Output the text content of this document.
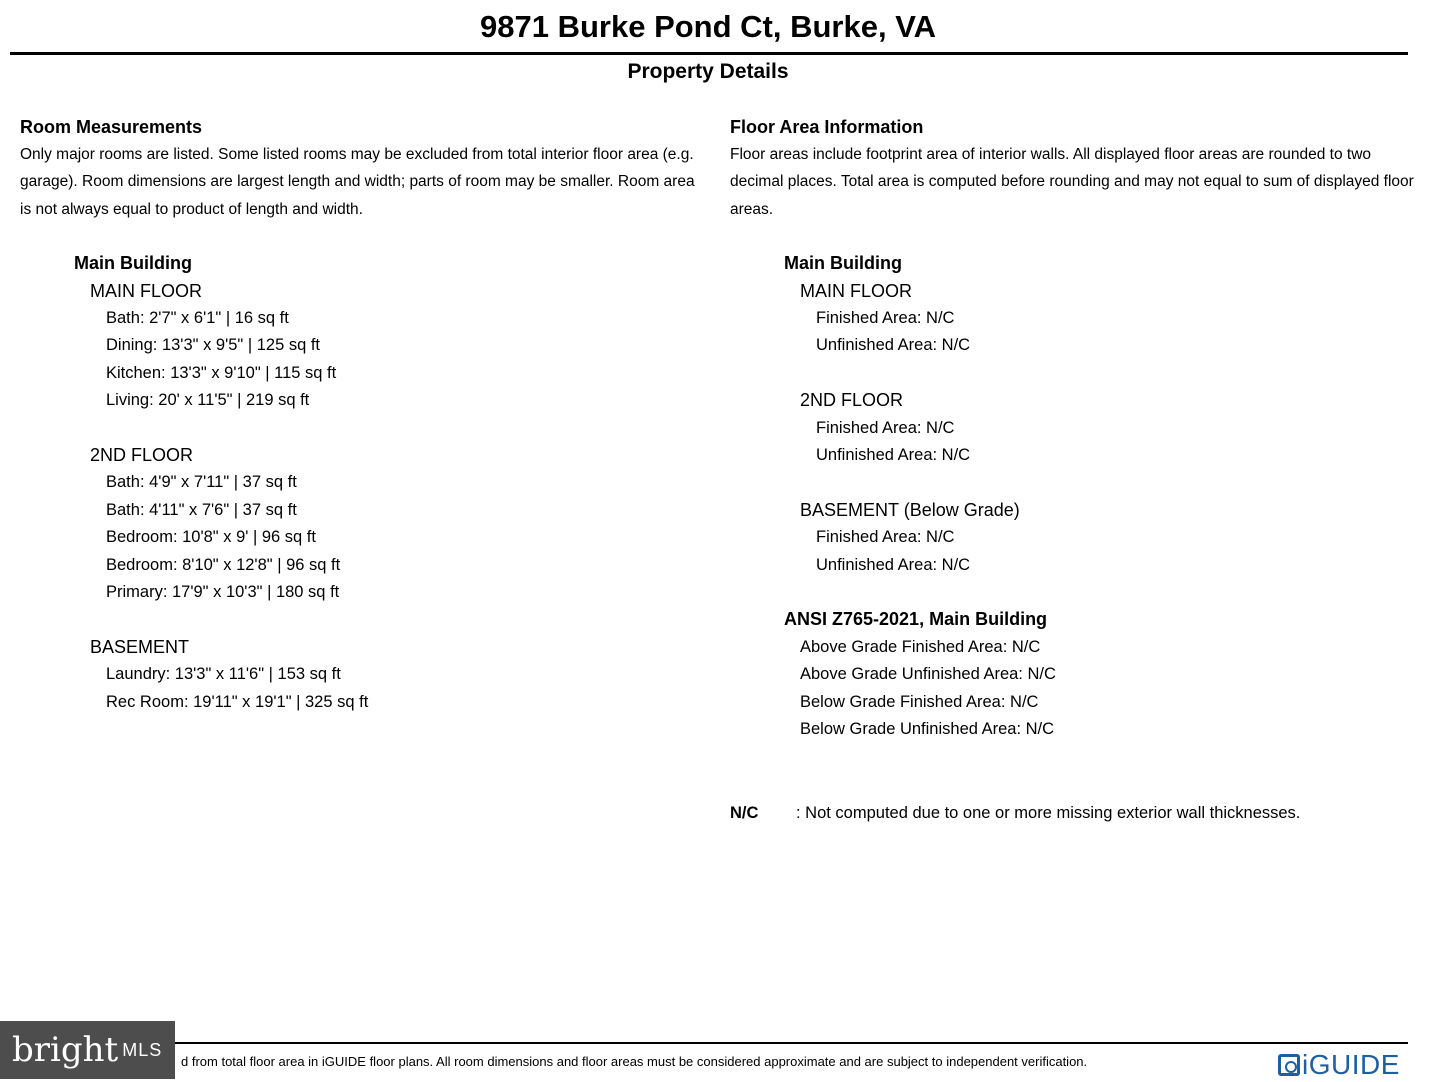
9871 Burke Pond Ct, Burke, VA
Property Details
Room Measurements

Only major rooms are listed. Some listed rooms may be excluded from total interior floor area (e.g. garage). Room dimensions are largest length and width; parts of room may be smaller. Room area is not always equal to product of length and width.

Main Building
MAIN FLOOR
Bath: 2'7" x 6'1" | 16 sq ft
Dining: 13'3" x 9'5" | 125 sq ft
Kitchen: 13'3" x 9'10" | 115 sq ft
Living: 20' x 11'5" | 219 sq ft
2ND FLOOR
Bath: 4'9" x 7'11" | 37 sq ft
Bath: 4'11" x 7'6" | 37 sq ft
Bedroom: 10'8" x 9' | 96 sq ft
Bedroom: 8'10" x 12'8" | 96 sq ft
Primary: 17'9" x 10'3" | 180 sq ft
BASEMENT
Laundry: 13'3" x 11'6" | 153 sq ft
Rec Room: 19'11" x 19'1" | 325 sq ft
Floor Area Information

Floor areas include footprint area of interior walls. All displayed floor areas are rounded to two decimal places. Total area is computed before rounding and may not equal to sum of displayed floor areas.

Main Building
MAIN FLOOR
Finished Area: N/C
Unfinished Area: N/C
2ND FLOOR
Finished Area: N/C
Unfinished Area: N/C
BASEMENT (Below Grade)
Finished Area: N/C
Unfinished Area: N/C
ANSI Z765-2021, Main Building
Above Grade Finished Area: N/C
Above Grade Unfinished Area: N/C
Below Grade Finished Area: N/C
Below Grade Unfinished Area: N/C
N/C : Not computed due to one or more missing exterior wall thicknesses.
d from total floor area in iGUIDE floor plans. All room dimensions and floor areas must be considered approximate and are subject to independent verification.	iGUIDE
bright MLS
